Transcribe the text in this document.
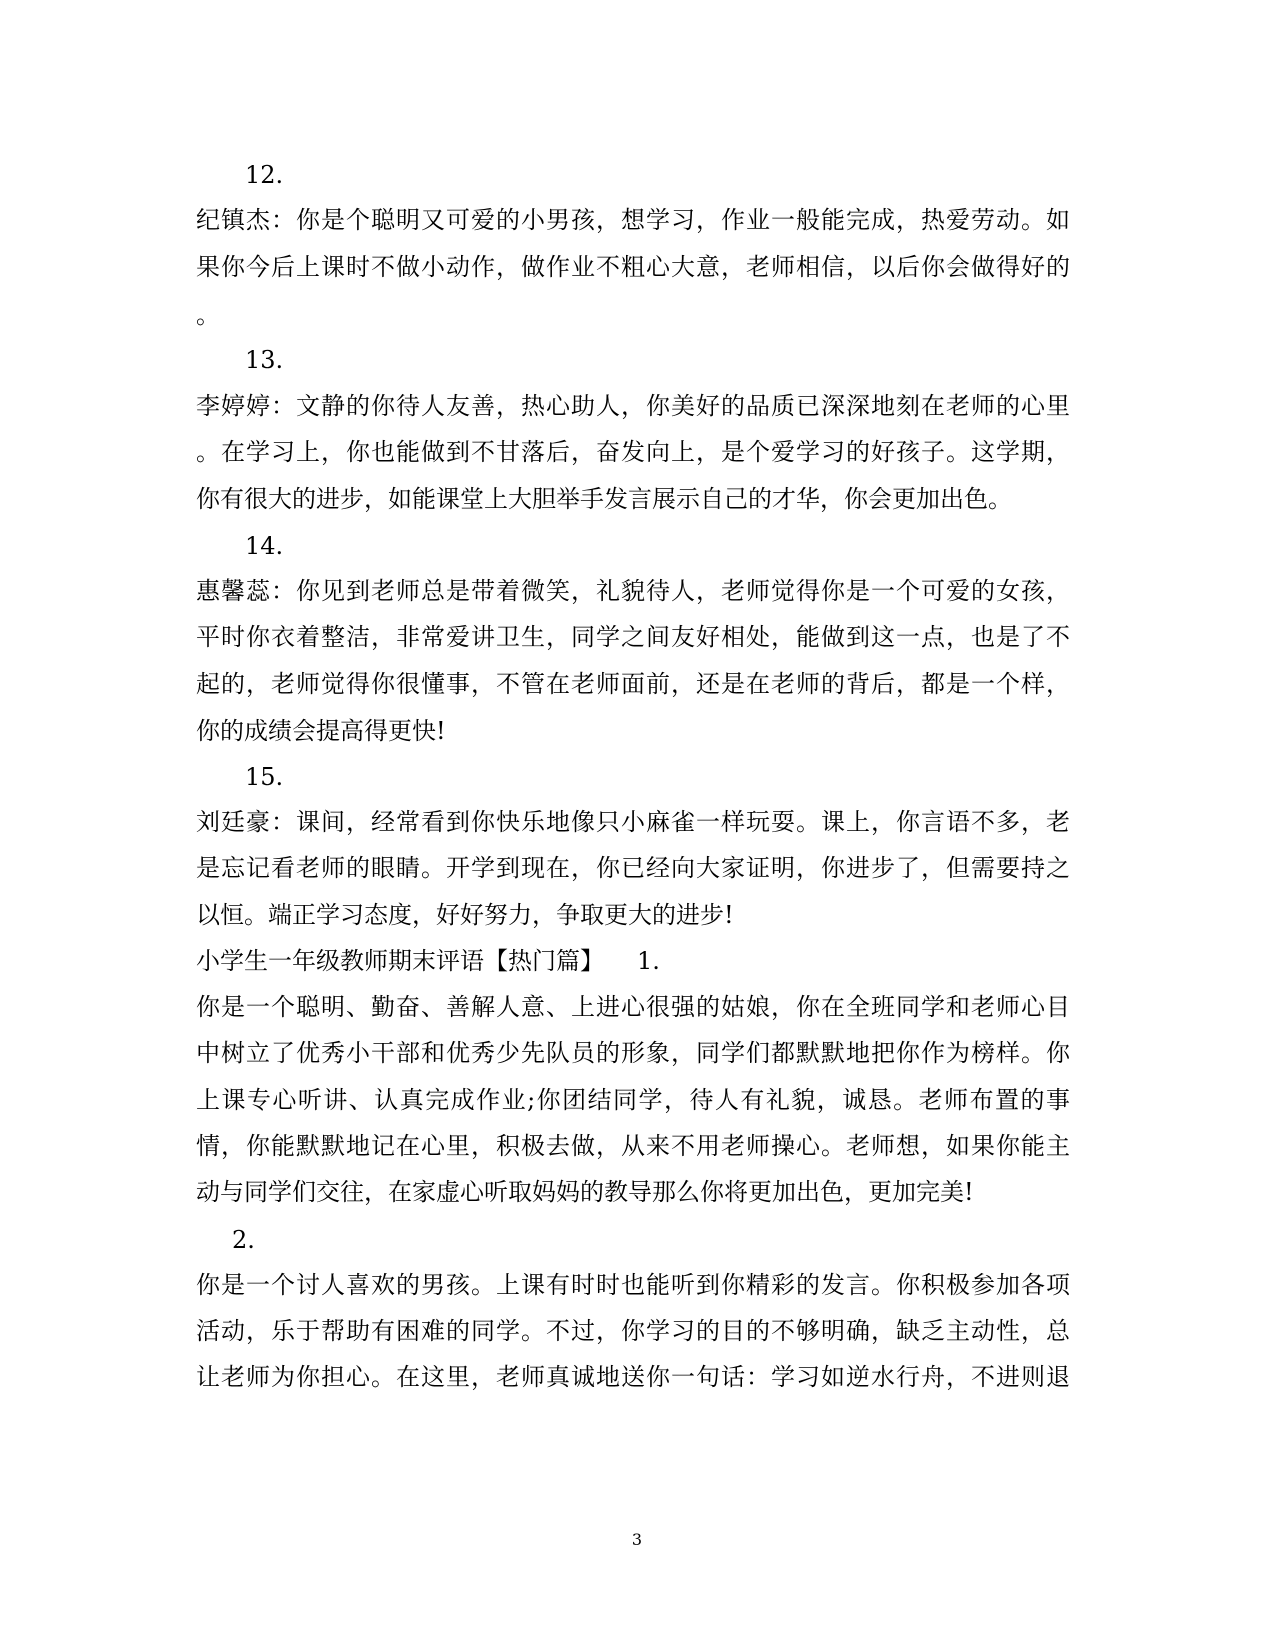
12.
纪镇杰：你是个聪明又可爱的小男孩，想学习，作业一般能完成，热爱劳动。如
果你今后上课时不做小动作，做作业不粗心大意，老师相信，以后你会做得好的
。
13.
李婷婷：文静的你待人友善，热心助人，你美好的品质已深深地刻在老师的心里
。在学习上，你也能做到不甘落后，奋发向上，是个爱学习的好孩子。这学期，
你有很大的进步，如能课堂上大胆举手发言展示自己的才华，你会更加出色。
14.
惠馨蕊：你见到老师总是带着微笑，礼貌待人，老师觉得你是一个可爱的女孩，
平时你衣着整洁，非常爱讲卫生，同学之间友好相处，能做到这一点，也是了不
起的，老师觉得你很懂事，不管在老师面前，还是在老师的背后，都是一个样，
你的成绩会提高得更快!
15.
刘廷豪：课间，经常看到你快乐地像只小麻雀一样玩耍。课上，你言语不多，老
是忘记看老师的眼睛。开学到现在，你已经向大家证明，你进步了，但需要持之
以恒。端正学习态度，好好努力，争取更大的进步!
小学生一年级教师期末评语【热门篇】 1.
你是一个聪明、勤奋、善解人意、上进心很强的姑娘，你在全班同学和老师心目
中树立了优秀小干部和优秀少先队员的形象，同学们都默默地把你作为榜样。你
上课专心听讲、认真完成作业;你团结同学，待人有礼貌，诚恳。老师布置的事
情，你能默默地记在心里，积极去做，从来不用老师操心。老师想，如果你能主
动与同学们交往，在家虚心听取妈妈的教导那么你将更加出色，更加完美!
2.
你是一个讨人喜欢的男孩。上课有时时也能听到你精彩的发言。你积极参加各项
活动，乐于帮助有困难的同学。不过，你学习的目的不够明确，缺乏主动性，总
让老师为你担心。在这里，老师真诚地送你一句话：学习如逆水行舟，不进则退
3
